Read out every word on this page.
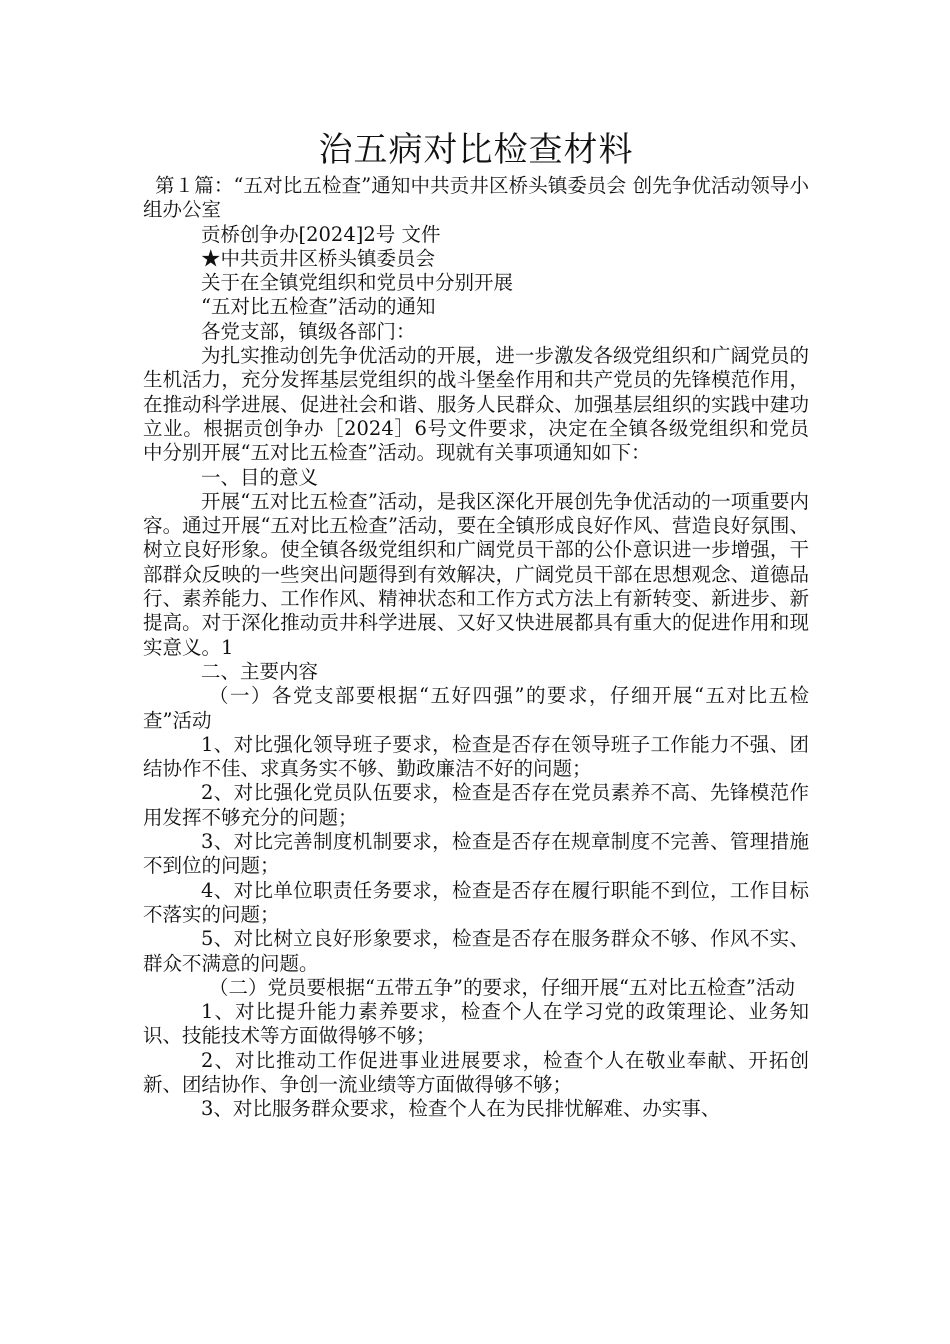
治五病对比检查材料

第１篇：“五对比五检查”通知中共贡井区桥头镇委员会 创先争优活动领导小组办公室

贡桥创争办[2024]2号 文件

★中共贡井区桥头镇委员会

关于在全镇党组织和党员中分别开展

“五对比五检查”活动的通知

各党支部，镇级各部门：

为扎实推动创先争优活动的开展，进一步激发各级党组织和广阔党员的生机活力，充分发挥基层党组织的战斗堡垒作用和共产党员的先锋模范作用，在推动科学进展、促进社会和谐、服务人民群众、加强基层组织的实践中建功立业。根据贡创争办［2024］6号文件要求，决定在全镇各级党组织和党员中分别开展“五对比五检查”活动。现就有关事项通知如下：

一、目的意义

开展“五对比五检查”活动，是我区深化开展创先争优活动的一项重要内容。通过开展“五对比五检查”活动，要在全镇形成良好作风、营造良好氛围、树立良好形象。使全镇各级党组织和广阔党员干部的公仆意识进一步增强，干部群众反映的一些突出问题得到有效解决，广阔党员干部在思想观念、道德品行、素养能力、工作作风、精神状态和工作方式方法上有新转变、新进步、新提高。对于深化推动贡井科学进展、又好又快进展都具有重大的促进作用和现实意义。1

二、主要内容

（一）各党支部要根据“五好四强”的要求，仔细开展“五对比五检查”活动

1、对比强化领导班子要求，检查是否存在领导班子工作能力不强、团结协作不佳、求真务实不够、勤政廉洁不好的问题；

2、对比强化党员队伍要求，检查是否存在党员素养不高、先锋模范作用发挥不够充分的问题；

3、对比完善制度机制要求，检查是否存在规章制度不完善、管理措施不到位的问题；

4、对比单位职责任务要求，检查是否存在履行职能不到位，工作目标不落实的问题；

5、对比树立良好形象要求，检查是否存在服务群众不够、作风不实、群众不满意的问题。

（二）党员要根据“五带五争”的要求，仔细开展“五对比五检查”活动

1、对比提升能力素养要求，检查个人在学习党的政策理论、业务知识、技能技术等方面做得够不够；

2、对比推动工作促进事业进展要求，检查个人在敬业奉献、开拓创新、团结协作、争创一流业绩等方面做得够不够；

3、对比服务群众要求，检查个人在为民排忧解难、办实事、
